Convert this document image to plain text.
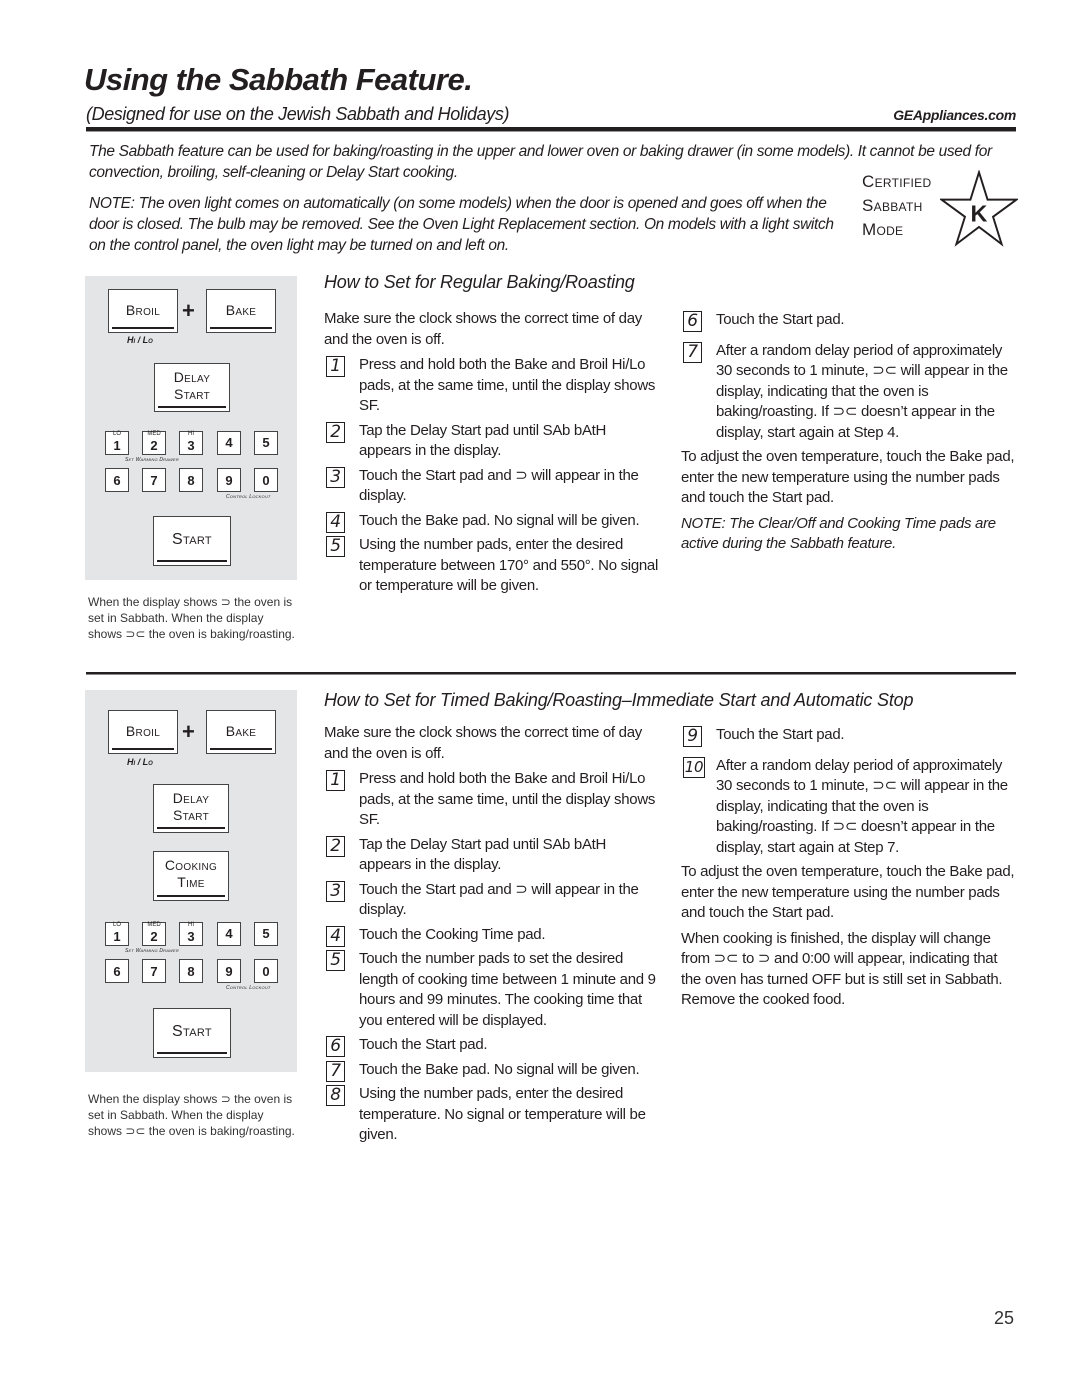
Using the Sabbath Feature.
(Designed for use on the Jewish Sabbath and Holidays)	GEAppliances.com
The Sabbath feature can be used for baking/roasting in the upper and lower oven or baking drawer (in some models). It cannot be used for convection, broiling, self-cleaning or Delay Start cooking.
NOTE: The oven light comes on automatically (on some models) when the door is opened and goes off when the door is closed. The bulb may be removed. See the Oven Light Replacement section. On models with a light switch on the control panel, the oven light may be turned on and left on.
Certified
Sabbath
Mode
K
Broil +	Bake
Hi / Lo
Delay
Start
LO
1
MED
2
HI
3	4	5
Set Warming Drawer
6	7	8	9	0
Control Lockout
Start
When the display shows ⊃ the oven is set in Sabbath. When the display shows ⊃⊂ the oven is baking/roasting.
How to Set for Regular Baking/Roasting
Make sure the clock shows the correct time of day and the oven is off.
1 Press and hold both the Bake and Broil Hi/Lo pads, at the same time, until the display shows SF.
2 Tap the Delay Start pad until SAb bAtH appears in the display.
3 Touch the Start pad and ⊃ will appear in the display.
4 Touch the Bake pad. No signal will be given.
5 Using the number pads, enter the desired temperature between 170° and 550°. No signal or temperature will be given.
6 Touch the Start pad.
7 After a random delay period of approximately 30 seconds to 1 minute, ⊃⊂ will appear in the display, indicating that the oven is baking/roasting. If ⊃⊂ doesn’t appear in the display, start again at Step 4.
To adjust the oven temperature, touch the Bake pad, enter the new temperature using the number pads and touch the Start pad.
NOTE: The Clear/Off and Cooking Time pads are active during the Sabbath feature.
Broil +	Bake
Hi / Lo
Delay
Start
Cooking
Time
LO
1
MED
2
HI
3	4	5
Set Warming Drawer
6	7	8	9	0
Control Lockout
Start
When the display shows ⊃ the oven is set in Sabbath. When the display shows ⊃⊂ the oven is baking/roasting.
How to Set for Timed Baking/Roasting–Immediate Start and Automatic Stop
Make sure the clock shows the correct time of day and the oven is off.
1 Press and hold both the Bake and Broil Hi/Lo pads, at the same time, until the display shows SF.
2 Tap the Delay Start pad until SAb bAtH appears in the display.
3 Touch the Start pad and ⊃ will appear in the display.
4 Touch the Cooking Time pad.
5 Touch the number pads to set the desired length of cooking time between 1 minute and 9 hours and 99 minutes. The cooking time that you entered will be displayed.
6 Touch the Start pad.
7 Touch the Bake pad. No signal will be given.
8 Using the number pads, enter the desired temperature. No signal or temperature will be given.
9 Touch the Start pad.
10 After a random delay period of approximately 30 seconds to 1 minute, ⊃⊂ will appear in the display, indicating that the oven is baking/roasting. If ⊃⊂ doesn’t appear in the display, start again at Step 7.
To adjust the oven temperature, touch the Bake pad, enter the new temperature using the number pads and touch the Start pad.
When cooking is finished, the display will change from ⊃⊂ to ⊃ and 0:00 will appear, indicating that the oven has turned OFF but is still set in Sabbath. Remove the cooked food.
25
